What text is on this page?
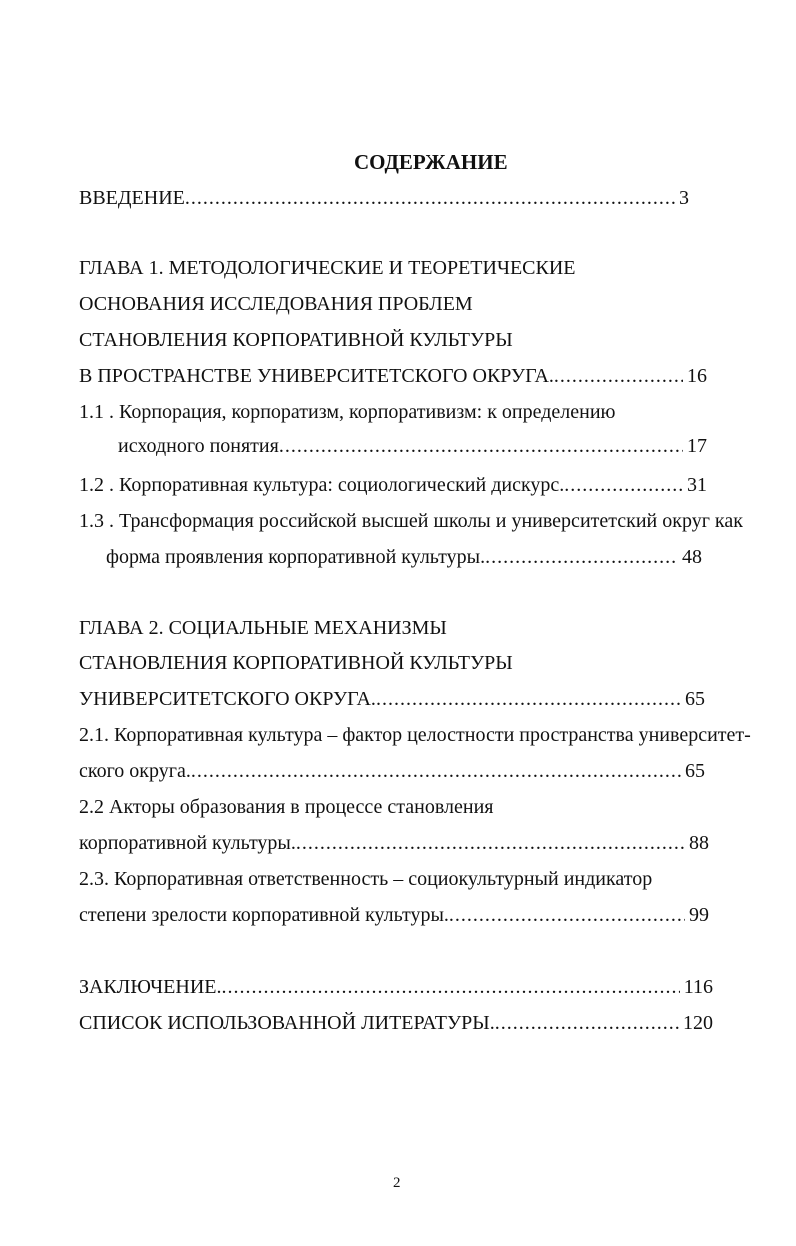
СОДЕРЖАНИЕ
ВВЕДЕНИЕ . . .	3
ГЛАВА 1. МЕТОДОЛОГИЧЕСКИЕ И ТЕОРЕТИЧЕСКИЕ
ОСНОВАНИЯ ИССЛЕДОВАНИЯ ПРОБЛЕМ
СТАНОВЛЕНИЯ КОРПОРАТИВНОЙ КУЛЬТУРЫ
В ПРОСТРАНСТВЕ УНИВЕРСИТЕТСКОГО ОКРУГА. . . .	16
1.1 . Корпорация, корпоратизм, корпоративизм: к определению
исходного понятия . . .	17
1.2 . Корпоративная культура: социологический дискурс. . . .	31
1.3 . Трансформация российской высшей школы и университетский округ как
форма проявления корпоративной культуры. . . .	48
ГЛАВА 2. СОЦИАЛЬНЫЕ МЕХАНИЗМЫ
СТАНОВЛЕНИЯ КОРПОРАТИВНОЙ КУЛЬТУРЫ
УНИВЕРСИТЕТСКОГО ОКРУГА. . . .	65
2.1. Корпоративная культура – фактор целостности пространства университет-
ского округа. . . .	65
2.2 Акторы образования в процессе становления
корпоративной культуры. . . .	88
2.3. Корпоративная ответственность – социокультурный индикатор
степени зрелости корпоративной культуры. . . .	99
ЗАКЛЮЧЕНИЕ. . . .	116
СПИСОК ИСПОЛЬЗОВАННОЙ ЛИТЕРАТУРЫ. . . .	120
2
